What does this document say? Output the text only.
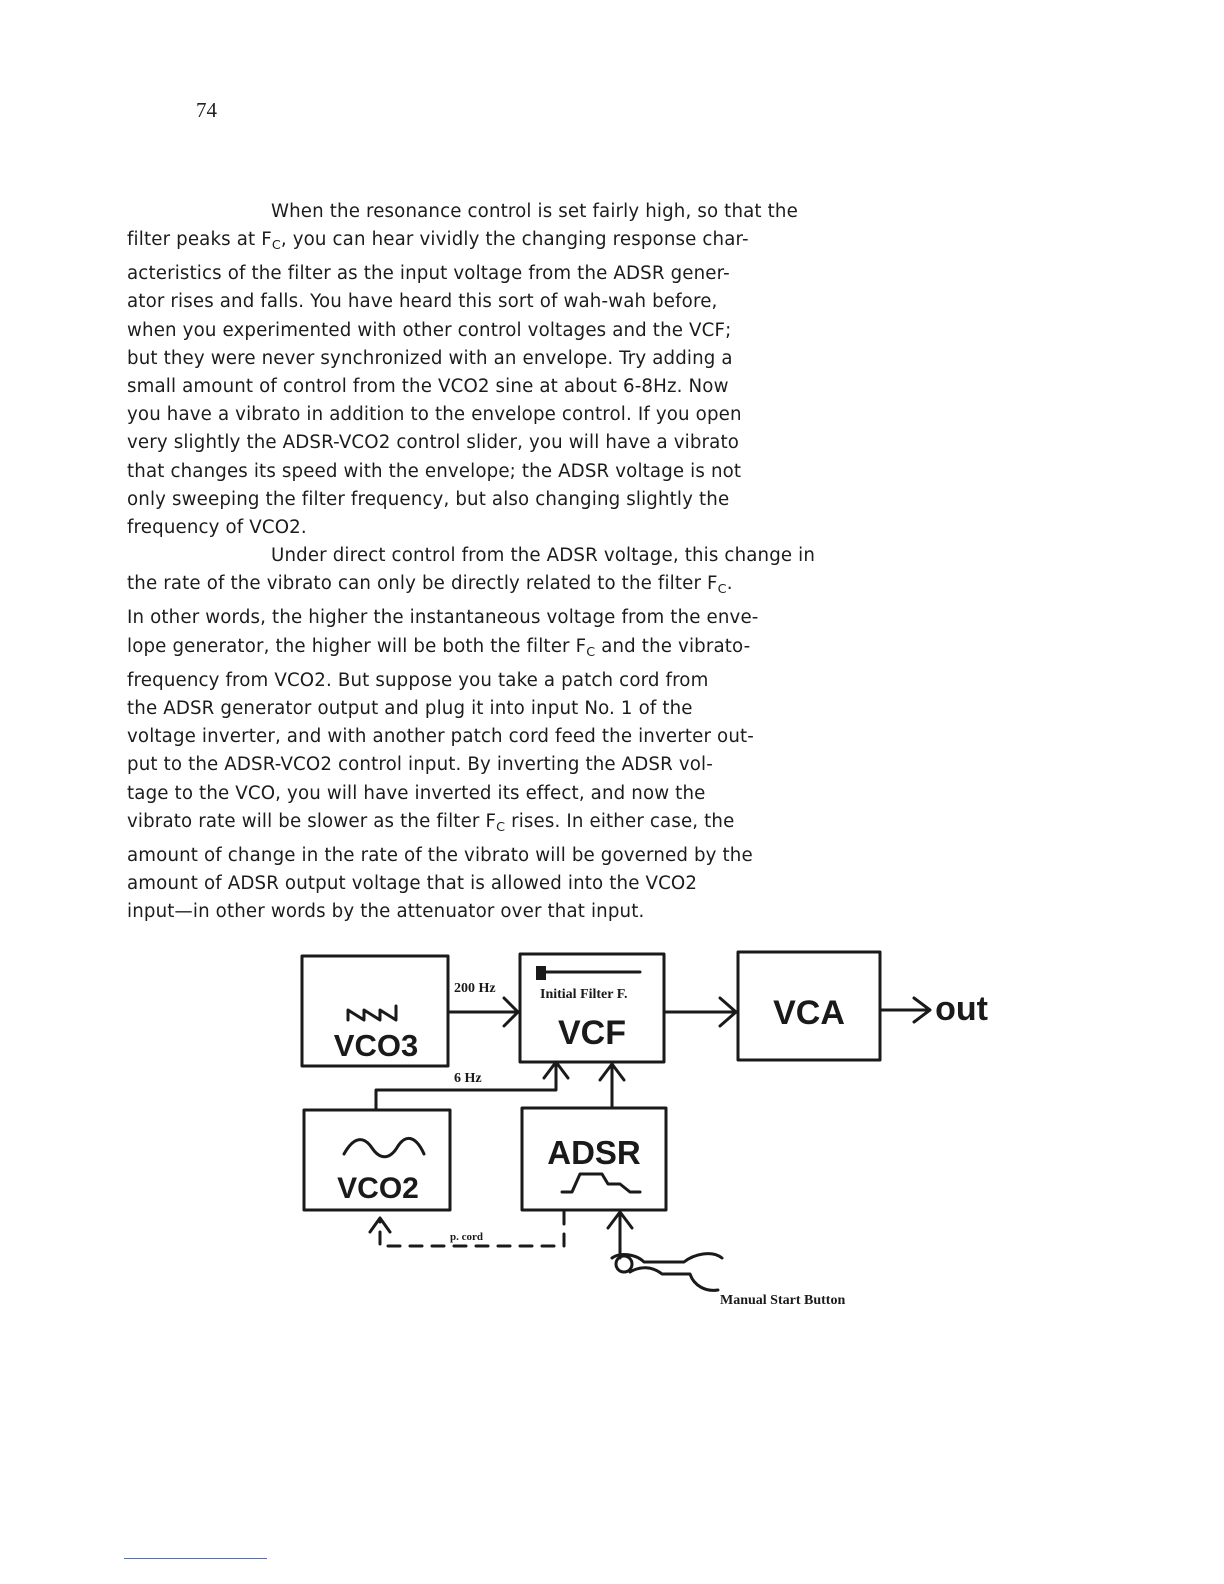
74

When the resonance control is set fairly high, so that the
filter peaks at $F_C$, you can hear vividly the changing response char-
acteristics of the filter as the input voltage from the ADSR gener-
ator rises and falls. You have heard this sort of wah-wah before,
when you experimented with other control voltages and the VCF;
but they were never synchronized with an envelope. Try adding a
small amount of control from the VCO2 sine at about 6-8Hz. Now
you have a vibrato in addition to the envelope control. If you open
very slightly the ADSR-VCO2 control slider, you will have a vibrato
that changes its speed with the envelope; the ADSR voltage is not
only sweeping the filter frequency, but also changing slightly the
frequency of VCO2.

Under direct control from the ADSR voltage, this change in
the rate of the vibrato can only be directly related to the filter $F_C$.
In other words, the higher the instantaneous voltage from the enve-
lope generator, the higher will be both the filter $F_C$ and the vibrato-
frequency from VCO2. But suppose you take a patch cord from
the ADSR generator output and plug it into input No. 1 of the
voltage inverter, and with another patch cord feed the inverter out-
put to the ADSR-VCO2 control input. By inverting the ADSR vol-
tage to the VCO, you will have inverted its effect, and now the
vibrato rate will be slower as the filter $F_C$ rises. In either case, the
amount of change in the rate of the vibrato will be governed by the
amount of ADSR output voltage that is allowed into the VCO2
input—in other words by the attenuator over that input.

VCO3	VCF
VCA	out
VCO2
ADSR
200 Hz	Initial Filter F.
6 Hz
p. cord
Manual Start Button
